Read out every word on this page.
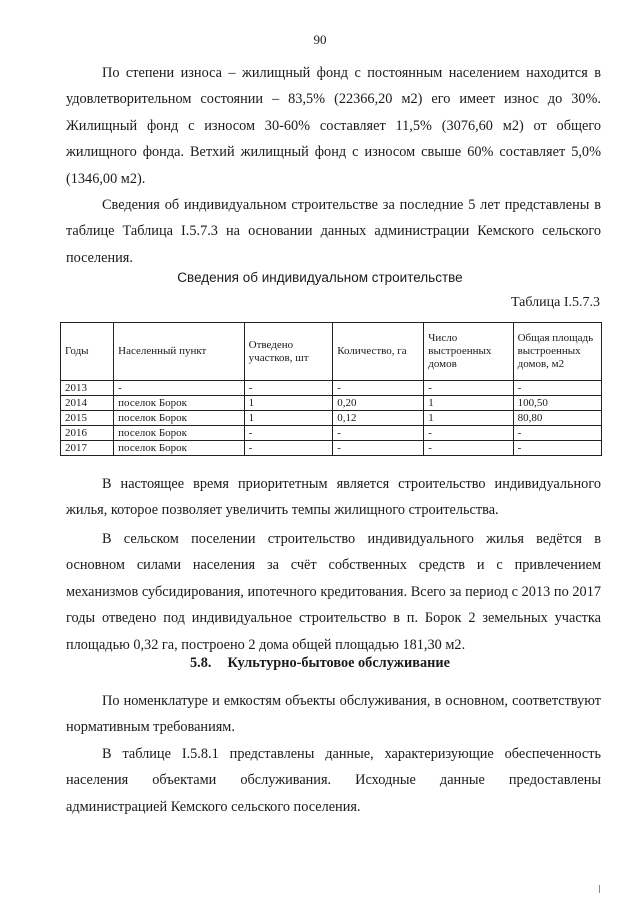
90

По степени износа – жилищный фонд с постоянным населением находится в удовлетворительном состоянии – 83,5% (22366,20 м2) его имеет износ до 30%. Жилищный фонд с износом 30-60% составляет 11,5% (3076,60 м2) от общего жилищного фонда. Ветхий жилищный фонд с износом свыше 60% составляет 5,0% (1346,00 м2).

Сведения об индивидуальном строительстве за последние 5 лет представлены в таблице Таблица I.5.7.3 на основании данных администрации Кемского сельского поселения.

Сведения об индивидуальном строительстве
Таблица I.5.7.3
Годы	Населенный пункт	Отведено участков, шт	Количество, га	Число выстроенных домов	Общая площадь выстроенных домов, м2
2013	-	-	-	-	-
2014	поселок Борок	1	0,20	1	100,50
2015	поселок Борок	1	0,12	1	80,80
2016	поселок Борок	-	-	-	-
2017	поселок Борок	-	-	-	-

В настоящее время приоритетным является строительство индивидуального жилья, которое позволяет увеличить темпы жилищного строительства.

В сельском поселении строительство индивидуального жилья ведётся в основном силами населения за счёт собственных средств и с привлечением механизмов субсидирования, ипотечного кредитования. Всего за период с 2013 по 2017 годы отведено под индивидуальное строительство в п. Борок 2 земельных участка площадью 0,32 га, построено 2 дома общей площадью 181,30 м2.

5.8. Культурно-бытовое обслуживание

По номенклатуре и емкостям объекты обслуживания, в основном, соответствуют нормативным требованиям.

В таблице I.5.8.1 представлены данные, характеризующие обеспеченность населения объектами обслуживания. Исходные данные предоставлены администрацией Кемского сельского поселения.
